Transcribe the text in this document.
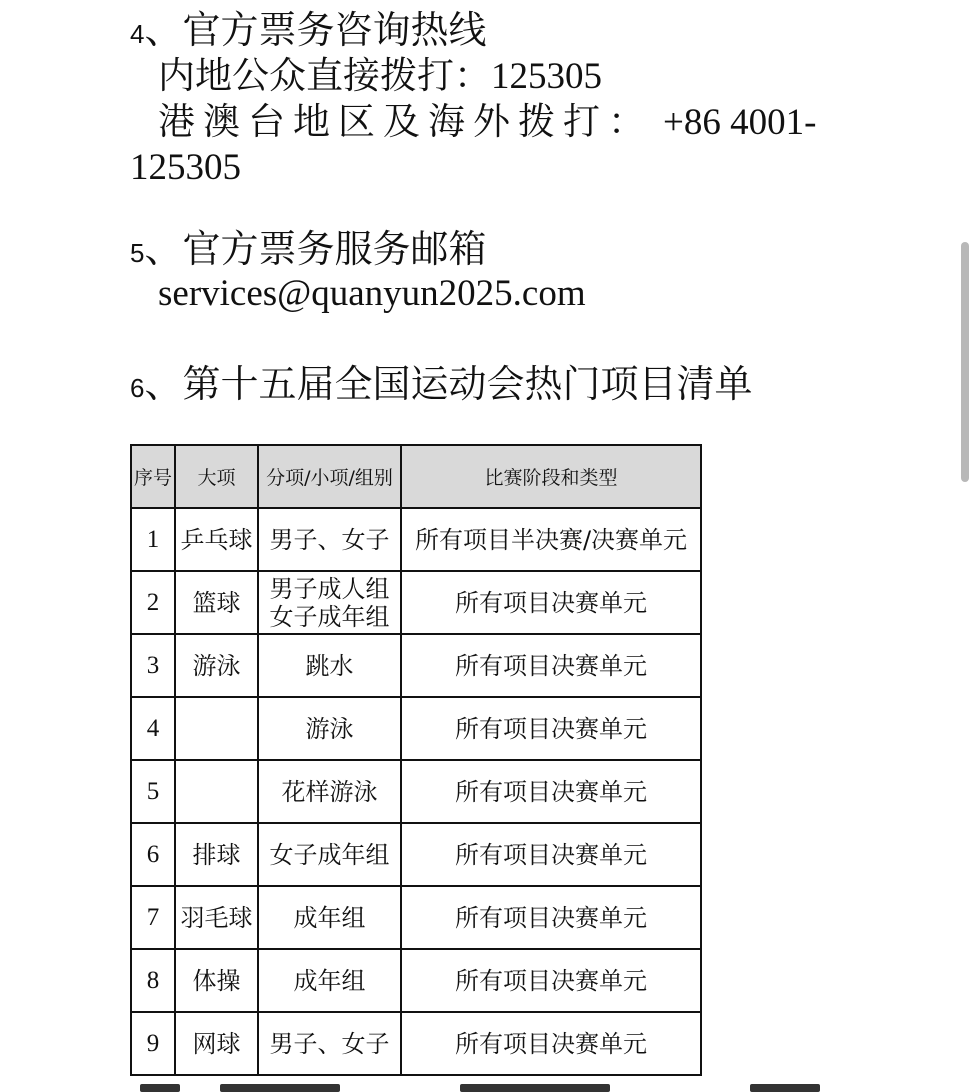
4、官方票务咨询热线
内地公众直接拨打：125305
港澳台地区及海外拨打： +86 4001-
125305
5、官方票务服务邮箱
services@quanyun2025.com
6、第十五届全国运动会热门项目清单
序号	大项	分项/小项/组别	比赛阶段和类型
1	乒乓球	男子、女子	所有项目半决赛/决赛单元
2	篮球	男子成人组
女子成年组	所有项目决赛单元
3	游泳	跳水	所有项目决赛单元
4		游泳	所有项目决赛单元
5		花样游泳	所有项目决赛单元
6	排球	女子成年组	所有项目决赛单元
7	羽毛球	成年组	所有项目决赛单元
8	体操	成年组	所有项目决赛单元
9	网球	男子、女子	所有项目决赛单元
